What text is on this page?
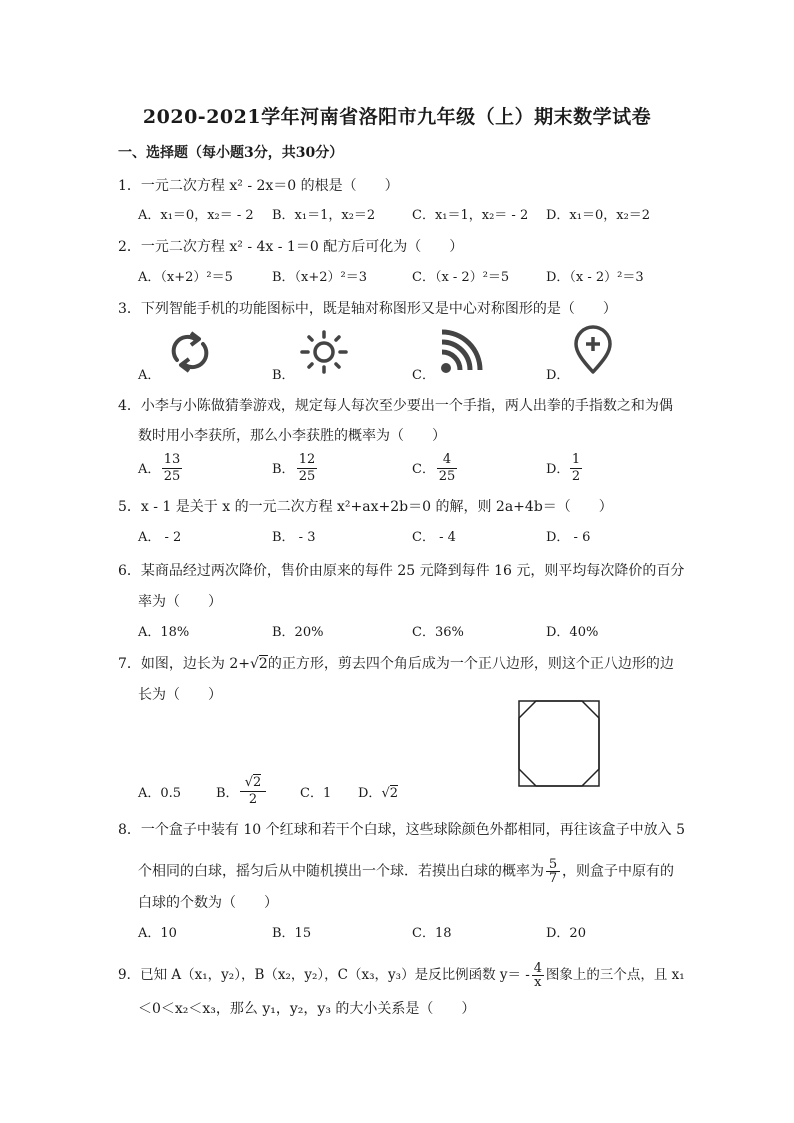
2020-2021学年河南省洛阳市九年级（上）期末数学试卷
一、选择题（每小题3分，共30分）
1．一元二次方程 x² - 2x＝0 的根是（　　）
A．x₁＝0，x₂＝ - 2 B．x₁＝1，x₂＝2	C．x₁＝1，x₂＝ - 2 D．x₁＝0，x₂＝2
2．一元二次方程 x² - 4x - 1＝0 配方后可化为（　　）
A．（x+2）²＝5	B．（x+2）²＝3	C．（x - 2）²＝5	D．（x - 2）²＝3
3．下列智能手机的功能图标中，既是轴对称图形又是中心对称图形的是（　　）
A．	B．	C．	D．
4．小李与小陈做猜拳游戏，规定每人每次至少要出一个手指，两人出拳的手指数之和为偶
数时用小李获所，那么小李获胜的概率为（　　）
A．
13
25	B．
12
25	C．
4
25	D．
1
2
5．x - 1 是关于 x 的一元二次方程 x²+ax+2b＝0 的解，则 2a+4b＝（　　）
A． - 2	B． - 3	C． - 4	D． - 6
6．某商品经过两次降价，售价由原来的每件 25 元降到每件 16 元，则平均每次降价的百分
率为（　　）
A．18%	B．20%	C．36%	D．40%
7．如图，边长为 2+√2的正方形，剪去四个角后成为一个正八边形，则这个正八边形的边
长为（　　）
A．0.5	B．
√2
2	C．1 D．√2
8．一个盒子中装有 10 个红球和若干个白球，这些球除颜色外都相同，再往该盒子中放入 5
个相同的白球，摇匀后从中随机摸出一个球．若摸出白球的概率为 $\frac{5}{7}$ ，则盒子中原有的
白球的个数为（　　）
A．10	B．15	C．18	D．20
9．已知 A（x₁，y₂），B（x₂，y₂），C（x₃，y₃）是反比例函数 $y= - \frac{4}{x}$ 图象上的三个点，且 x₁
＜0＜x₂＜x₃，那么 y₁，y₂，y₃ 的大小关系是（　　）
